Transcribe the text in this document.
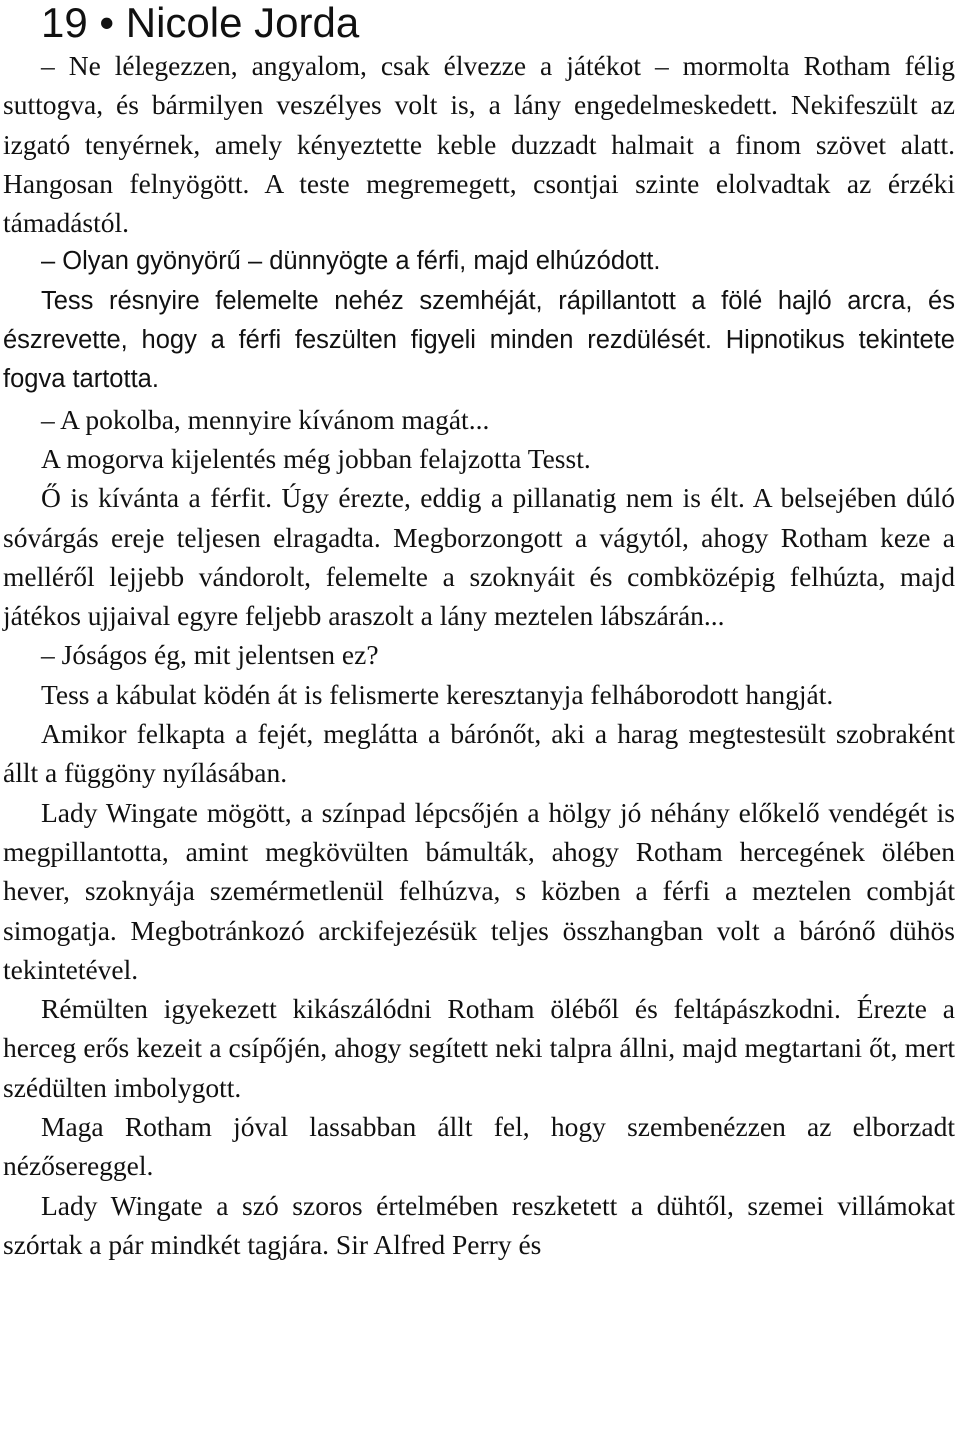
19 • Nicole Jorda

– Ne lélegezzen, angyalom, csak élvezze a játékot – mormolta Rotham félig suttogva, és bármilyen veszélyes volt is, a lány engedelmeskedett. Nekifeszült az izgató tenyérnek, amely kényeztette keble duzzadt halmait a finom szövet alatt. Hangosan felnyögött. A teste megremegett, csontjai szinte elolvadtak az érzéki támadástól.

– Olyan gyönyörű – dünnyögte a férfi, majd elhúzódott.

Tess résnyire felemelte nehéz szemhéját, rápillantott a fölé hajló arcra, és észrevette, hogy a férfi feszülten figyeli minden rezdülését. Hipnotikus tekintete fogva tartotta.

– A pokolba, mennyire kívánom magát...

A mogorva kijelentés még jobban felajzotta Tesst.

Ő is kívánta a férfit. Úgy érezte, eddig a pillanatig nem is élt. A belsejében dúló sóvárgás ereje teljesen elragadta. Megborzongott a vágytól, ahogy Rotham keze a melléről lejjebb vándorolt, felemelte a szoknyáit és combközépig felhúzta, majd játékos ujjaival egyre feljebb araszolt a lány meztelen lábszárán...

– Jóságos ég, mit jelentsen ez?

Tess a kábulat ködén át is felismerte keresztanyja felháborodott hangját.

Amikor felkapta a fejét, meglátta a bárónőt, aki a harag megtestesült szobraként állt a függöny nyílásában.

Lady Wingate mögött, a színpad lépcsőjén a hölgy jó néhány előkelő vendégét is megpillantotta, amint megkövülten bámulták, ahogy Rotham hercegének ölében hever, szoknyája szemérmetlenül felhúzva, s közben a férfi a meztelen combját simogatja. Megbotránkozó arckifejezésük teljes összhangban volt a bárónő dühös tekintetével.

Rémülten igyekezett kikászálódni Rotham öléből és feltápászkodni. Érezte a herceg erős kezeit a csípőjén, ahogy segített neki talpra állni, majd megtartani őt, mert szédülten imbolygott.

Maga Rotham jóval lassabban állt fel, hogy szembenézzen az elborzadt nézősereggel.

Lady Wingate a szó szoros értelmében reszketett a dühtől, szemei villámokat szórtak a pár mindkét tagjára. Sir Alfred Perry és
